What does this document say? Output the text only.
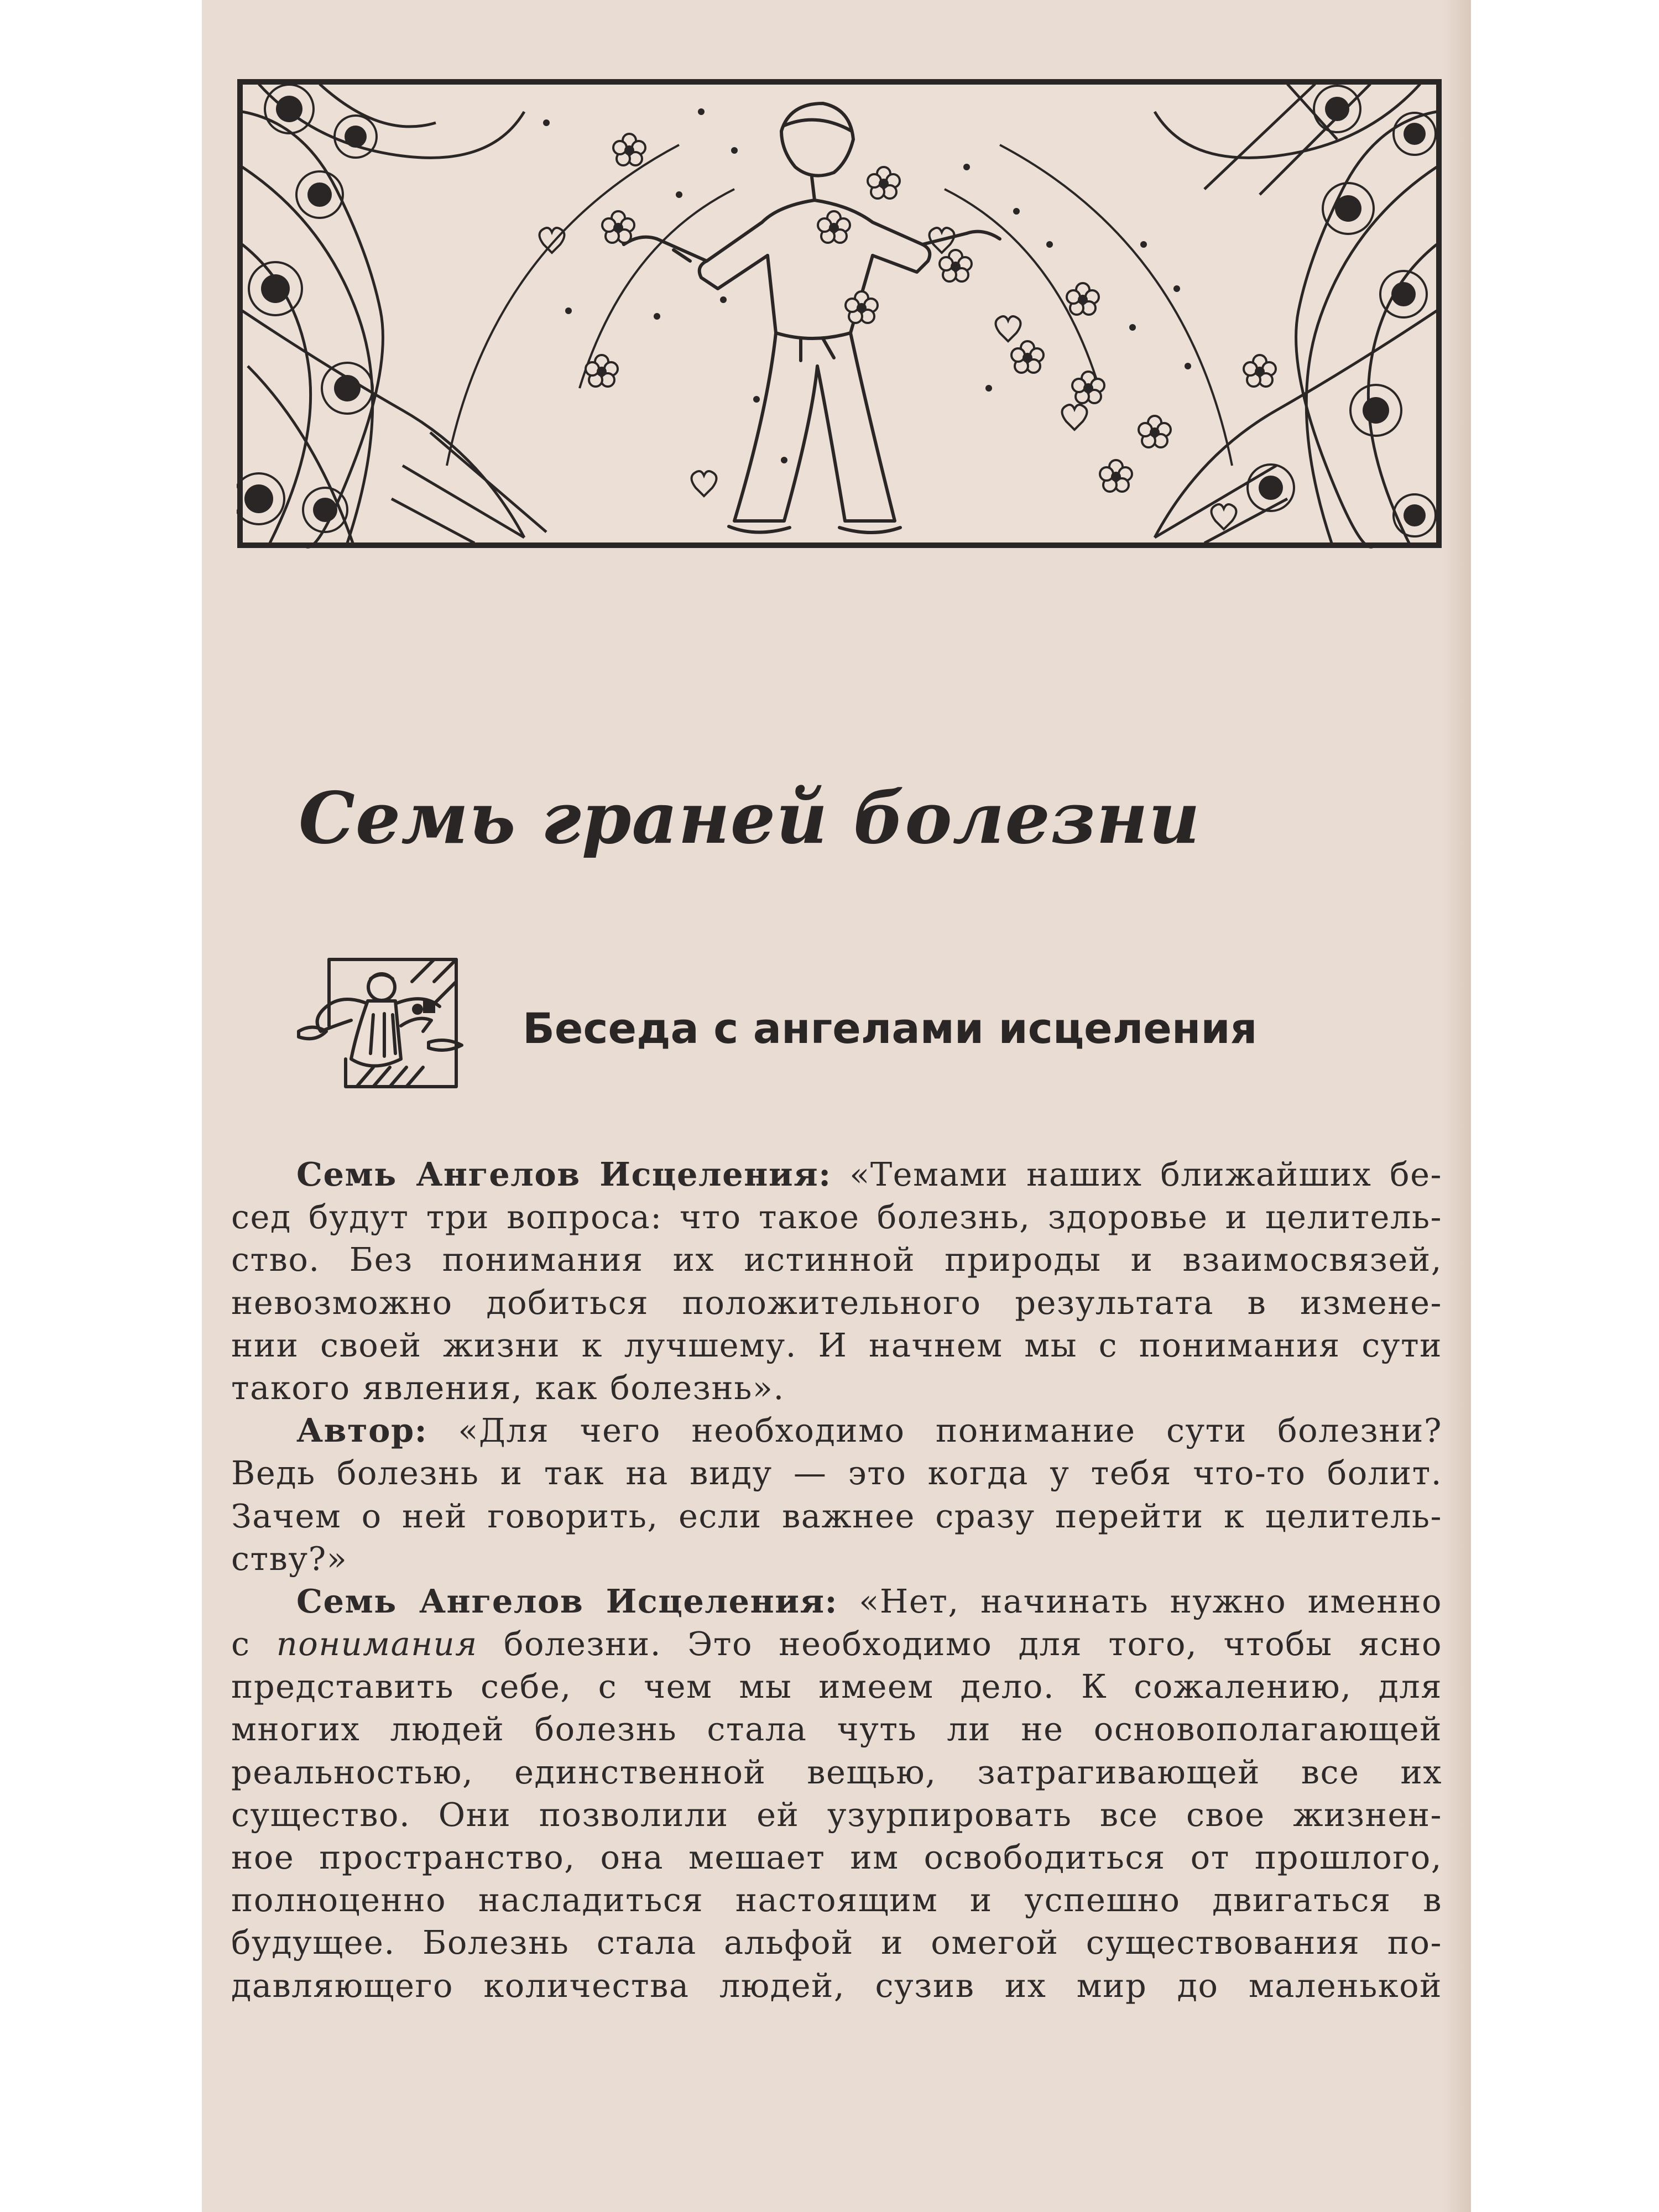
Семь граней болезни
Беседа с ангелами исцеления
Семь Ангелов Исцеления: «Темами наших ближайших бе-
сед будут три вопроса: что такое болезнь, здоровье и целитель-
ство. Без понимания их истинной природы и взаимосвязей,
невозможно добиться положительного результата в измене-
нии своей жизни к лучшему. И начнем мы с понимания сути
такого явления, как болезнь».
Автор: «Для чего необходимо понимание сути болезни?
Ведь болезнь и так на виду — это когда у тебя что-то болит.
Зачем о ней говорить, если важнее сразу перейти к целитель-
ству?»
Семь Ангелов Исцеления: «Нет, начинать нужно именно
с понимания болезни. Это необходимо для того, чтобы ясно
представить себе, с чем мы имеем дело. К сожалению, для
многих людей болезнь стала чуть ли не основополагающей
реальностью, единственной вещью, затрагивающей все их
существо. Они позволили ей узурпировать все свое жизнен-
ное пространство, она мешает им освободиться от прошлого,
полноценно насладиться настоящим и успешно двигаться в
будущее. Болезнь стала альфой и омегой существования по-
давляющего количества людей, сузив их мир до маленькой
